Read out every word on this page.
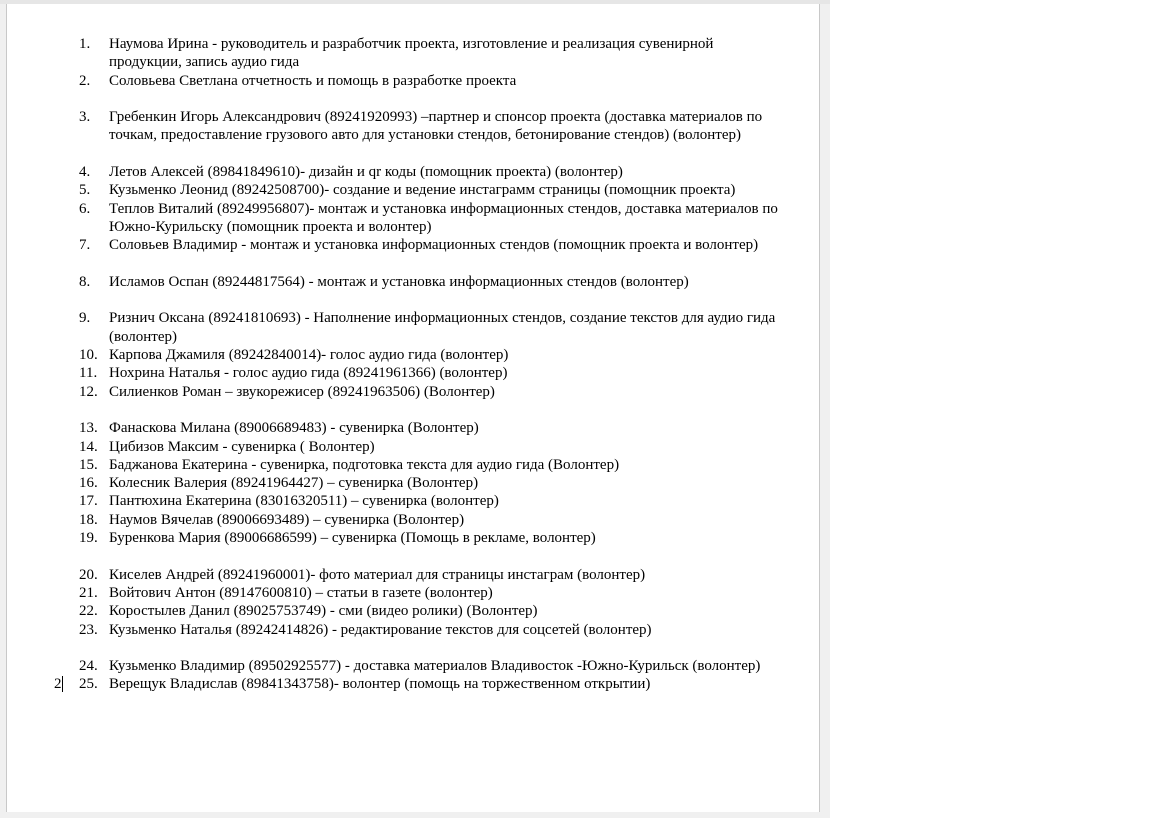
1.	Наумова Ирина - руководитель и разработчик проекта, изготовление и реализация сувенирной продукции, запись аудио гида
2.	Соловьева Светлана отчетность и помощь в разработке проекта
3.	Гребенкин Игорь Александрович (89241920993) –партнер и спонсор проекта (доставка материалов по точкам, предоставление грузового авто для установки стендов, бетонирование стендов) (волонтер)
4.	Летов Алексей (89841849610)- дизайн и qr коды (помощник проекта) (волонтер)
5.	Кузьменко Леонид (89242508700)- создание и ведение инстаграмм страницы (помощник проекта)
6.	Теплов Виталий (89249956807)- монтаж и установка информационных стендов, доставка материалов по Южно-Курильску (помощник проекта и волонтер)
7.	Соловьев Владимир - монтаж и установка информационных стендов (помощник проекта и волонтер)
8.	Исламов Оспан (89244817564) - монтаж и установка информационных стендов (волонтер)
9.	Ризнич Оксана (89241810693) - Наполнение информационных стендов, создание текстов для аудио гида (волонтер)
10. Карпова Джамиля (89242840014)- голос аудио гида (волонтер)
11. Нохрина Наталья - голос аудио гида (89241961366) (волонтер)
12. Силиенков Роман – звукорежисер (89241963506) (Волонтер)
13. Фанаскова Милана (89006689483) - сувенирка (Волонтер)
14. Цибизов Максим - сувенирка ( Волонтер)
15. Баджанова Екатерина - сувенирка, подготовка текста для аудио гида (Волонтер)
16. Колесник Валерия (89241964427) – сувенирка (Волонтер)
17. Пантюхина Екатерина (83016320511) – сувенирка (волонтер)
18. Наумов Вячелав (89006693489) – сувенирка (Волонтер)
19. Буренкова Мария (89006686599) – сувенирка (Помощь в рекламе, волонтер)
20. Киселев Андрей (89241960001)- фото материал для страницы инстаграм (волонтер)
21. Войтович Антон (89147600810) – статьи в газете (волонтер)
22. Коростылев Данил (89025753749) - сми (видео ролики) (Волонтер)
23. Кузьменко Наталья (89242414826) - редактирование текстов для соцсетей (волонтер)
24. Кузьменко Владимир (89502925577) - доставка материалов Владивосток -Южно-Курильск (волонтер)
25. Верещук Владислав (89841343758)- волонтер (помощь на торжественном открытии)
2
